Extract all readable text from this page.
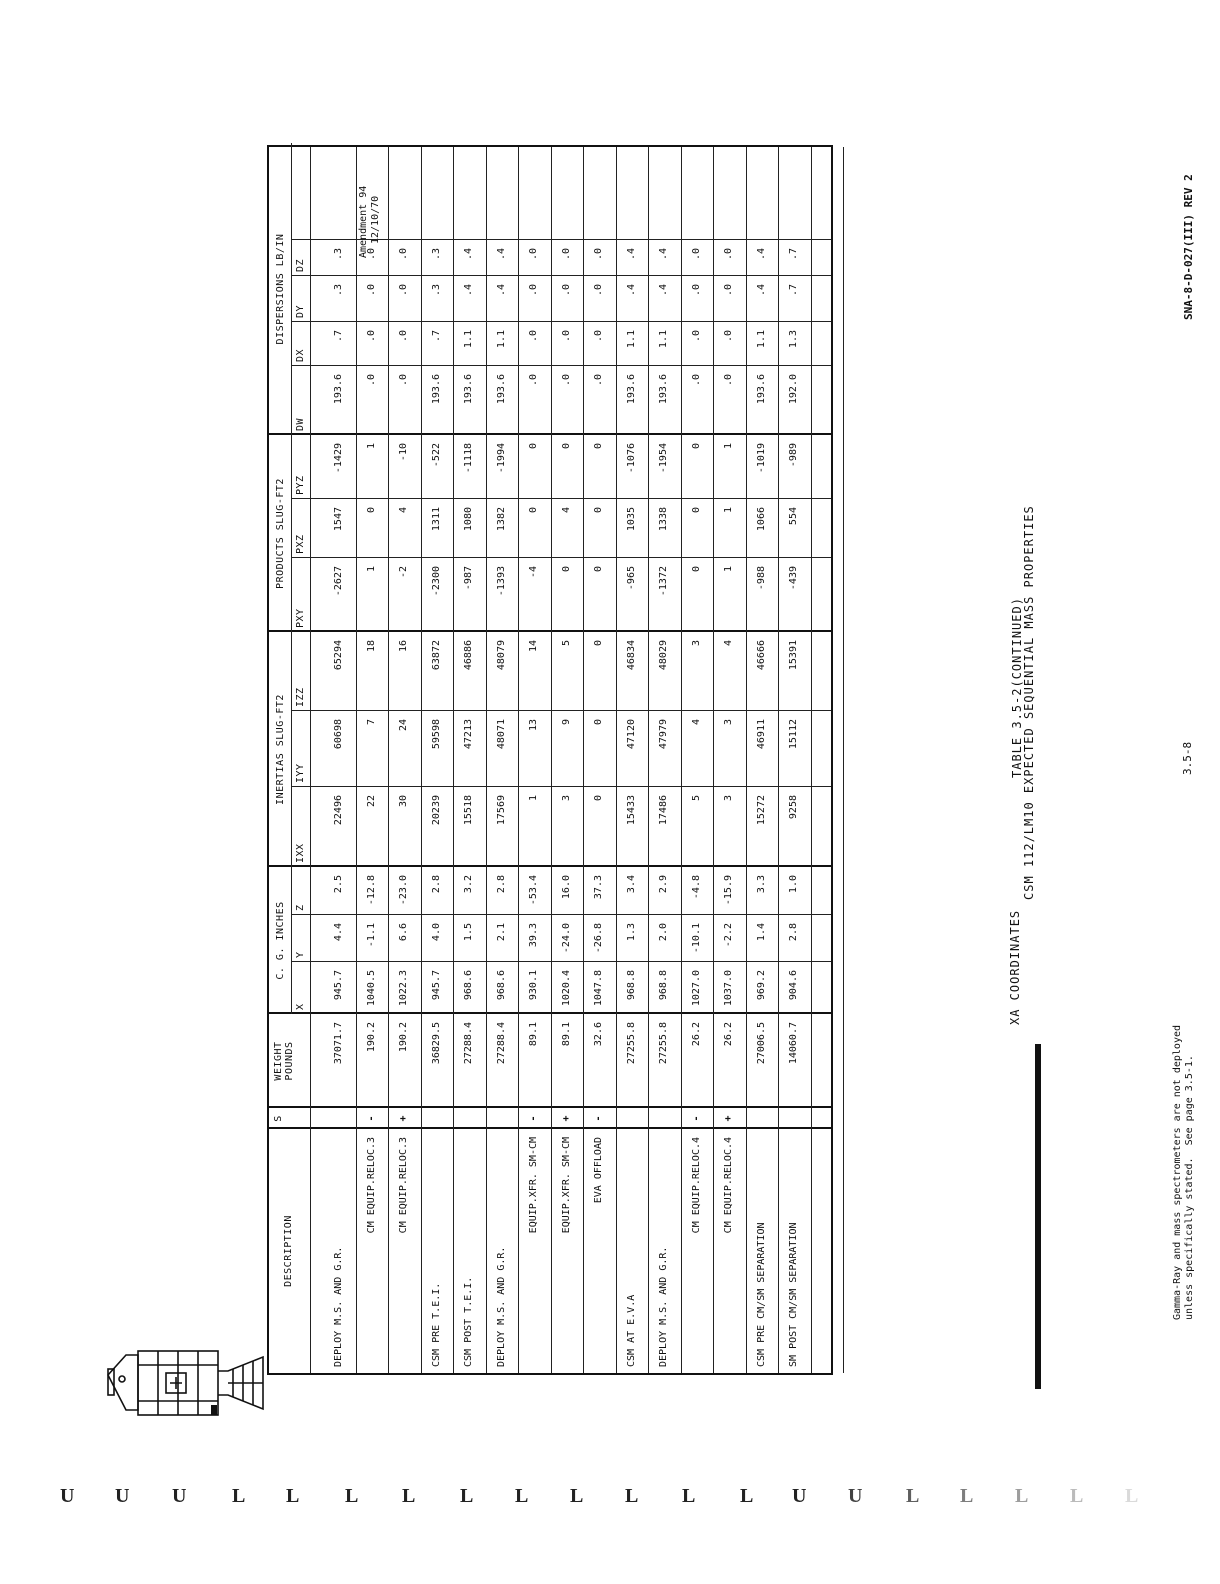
XA COORDINATES
TABLE 3.5-2(CONTINUED)
CSM 112/LM10 EXPECTED SEQUENTIAL MASS PROPERTIES
Amendment 94 12/10/70	SNA-8-D-027(III) REV 2
3.5-8
Gamma-Ray and mass spectrometers are not deployed unless specifically stated.  See page 3.5-1.
DESCRIPTION
S
WEIGHT POUNDS
C. G. INCHES
INERTIAS SLUG-FT2
PRODUCTS SLUG-FT2
DISPERSIONS LB/IN
X
Y
Z
IXX
IYY
IZZ
PXY
PXZ
PYZ
DW
DX
DY
DZ
DEPLOY M.S. AND G.R.
37071.7
945.7
4.4
2.5
22496
60698
65294
-2627
1547
-1429
193.6
.7
.3
.3
CM EQUIP.RELOC.3
-
190.2
1040.5
-1.1
-12.8
22
7
18
1
0
1
.0
.0
.0
.0
CM EQUIP.RELOC.3
+
190.2
1022.3
6.6
-23.0
30
24
16
-2
4
-10
.0
.0
.0
.0
CSM PRE T.E.I.
36829.5
945.7
4.0
2.8
20239
59598
63872
-2300
1311
-522
193.6
.7
.3
.3
CSM POST T.E.I.
27288.4
968.6
1.5
3.2
15518
47213
46886
-987
1080
-1118
193.6
1.1
.4
.4
DEPLOY M.S. AND G.R.
27288.4
968.6
2.1
2.8
17569
48071
48079
-1393
1382
-1994
193.6
1.1
.4
.4
EQUIP.XFR. SM-CM
-
89.1
930.1
39.3
-53.4
1
13
14
-4
0
0
.0
.0
.0
.0
EQUIP.XFR. SM-CM
+
89.1
1020.4
-24.0
16.0
3
9
5
0
4
0
.0
.0
.0
.0
EVA OFFLOAD
-
32.6
1047.8
-26.8
37.3
0
0
0
0
0
0
.0
.0
.0
.0
CSM AT E.V.A
27255.8
968.8
1.3
3.4
15433
47120
46834
-965
1035
-1076
193.6
1.1
.4
.4
DEPLOY M.S. AND G.R.
27255.8
968.8
2.0
2.9
17486
47979
48029
-1372
1338
-1954
193.6
1.1
.4
.4
CM EQUIP.RELOC.4
-
26.2
1027.0
-10.1
-4.8
5
4
3
0
0
0
.0
.0
.0
.0
CM EQUIP.RELOC.4
+
26.2
1037.0
-2.2
-15.9
3
3
4
1
1
1
.0
.0
.0
.0
CSM PRE CM/SM SEPARATION
27006.5
969.2
1.4
3.3
15272
46911
46666
-988
1066
-1019
193.6
1.1
.4
.4
SM POST CM/SM SEPARATION
14060.7
904.6
2.8
1.0
9258
15112
15391
-439
554
-989
192.0
1.3
.7
.7
U U U L L L L L L L L L L U U L L L L L
